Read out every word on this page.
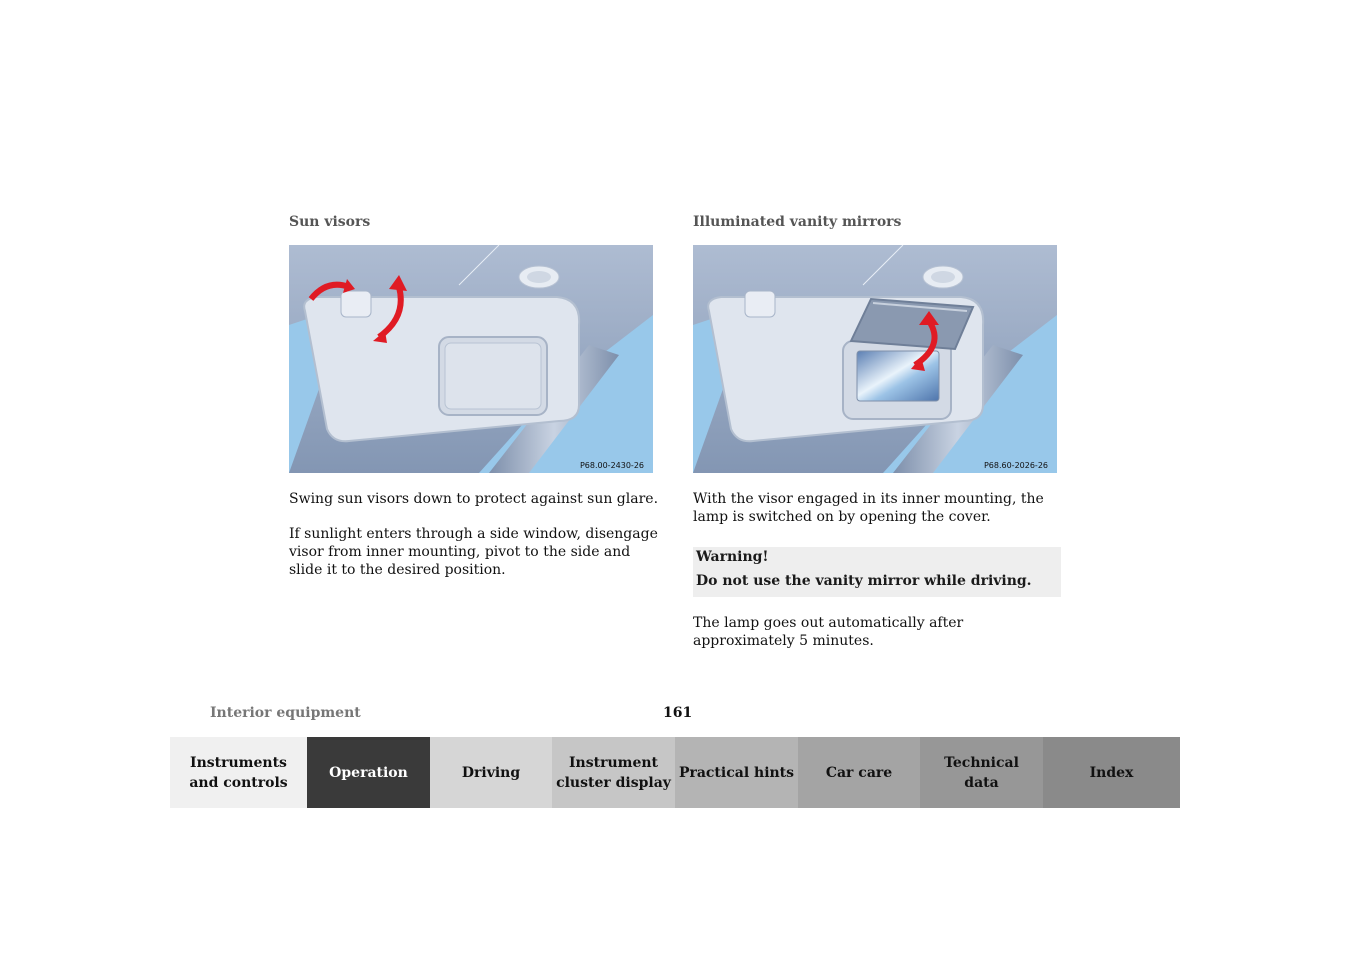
Sun visors
P68.00-2430-26

Swing sun visors down to protect against sun glare.

If sunlight enters through a side window, disengage visor from inner mounting, pivot to the side and slide it to the desired position.

Illuminated vanity mirrors
P68.60-2026-26

With the visor engaged in its inner mounting, the lamp is switched on by opening the cover.

Warning!
Do not use the vanity mirror while driving.

The lamp goes out automatically after approximately 5 minutes.

Interior equipment	161
Instruments
and controls
Operation	Driving
Instrument
cluster display
Practical hints Car care
Technical
data
Index
